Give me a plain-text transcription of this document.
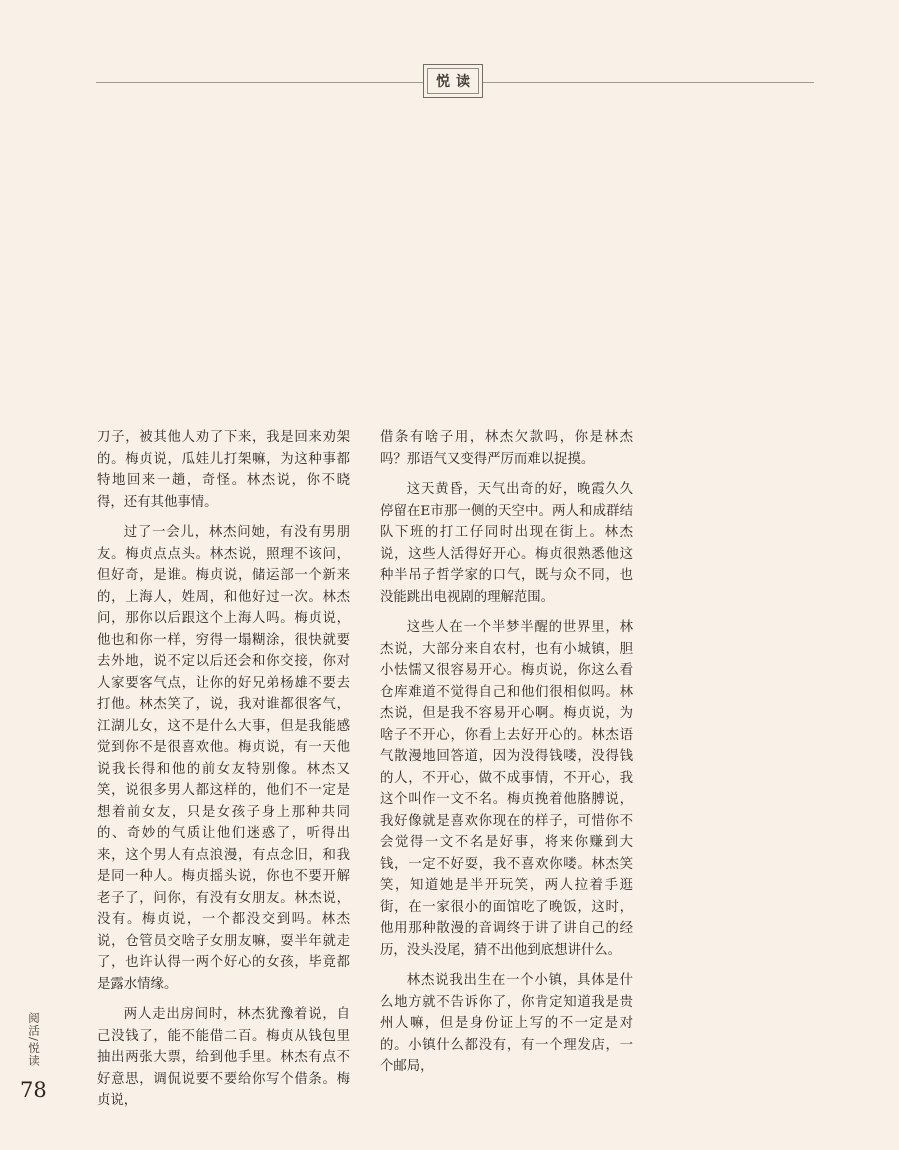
悦读

刀子，被其他人劝了下来，我是回来劝架的。梅贞说，瓜娃儿打架嘛，为这种事都特地回来一趟，奇怪。林杰说，你不晓得，还有其他事情。

过了一会儿，林杰问她，有没有男朋友。梅贞点点头。林杰说，照理不该问，但好奇，是谁。梅贞说，储运部一个新来的，上海人，姓周，和他好过一次。林杰问，那你以后跟这个上海人吗。梅贞说，他也和你一样，穷得一塌糊涂，很快就要去外地，说不定以后还会和你交接，你对人家要客气点，让你的好兄弟杨雄不要去打他。林杰笑了，说，我对谁都很客气，江湖儿女，这不是什么大事，但是我能感觉到你不是很喜欢他。梅贞说，有一天他说我长得和他的前女友特别像。林杰又笑，说很多男人都这样的，他们不一定是想着前女友，只是女孩子身上那种共同的、奇妙的气质让他们迷惑了，听得出来，这个男人有点浪漫，有点念旧，和我是同一种人。梅贞摇头说，你也不要开解老子了，问你，有没有女朋友。林杰说，没有。梅贞说，一个都没交到吗。林杰说，仓管员交啥子女朋友嘛，耍半年就走了，也许认得一两个好心的女孩，毕竟都是露水情缘。

两人走出房间时，林杰犹豫着说，自己没钱了，能不能借二百。梅贞从钱包里抽出两张大票，给到他手里。林杰有点不好意思，调侃说要不要给你写个借条。梅贞说，

借条有啥子用，林杰欠款吗，你是林杰吗？那语气又变得严厉而难以捉摸。

这天黄昏，天气出奇的好，晚霞久久停留在E市那一侧的天空中。两人和成群结队下班的打工仔同时出现在街上。林杰说，这些人活得好开心。梅贞很熟悉他这种半吊子哲学家的口气，既与众不同，也没能跳出电视剧的理解范围。

这些人在一个半梦半醒的世界里，林杰说，大部分来自农村，也有小城镇，胆小怯懦又很容易开心。梅贞说，你这么看仓库难道不觉得自己和他们很相似吗。林杰说，但是我不容易开心啊。梅贞说，为啥子不开心，你看上去好开心的。林杰语气散漫地回答道，因为没得钱喽，没得钱的人，不开心，做不成事情，不开心，我这个叫作一文不名。梅贞挽着他胳膊说，我好像就是喜欢你现在的样子，可惜你不会觉得一文不名是好事，将来你赚到大钱，一定不好耍，我不喜欢你喽。林杰笑笑，知道她是半开玩笑，两人拉着手逛街，在一家很小的面馆吃了晚饭，这时，他用那种散漫的音调终于讲了讲自己的经历，没头没尾，猜不出他到底想讲什么。

林杰说我出生在一个小镇，具体是什么地方就不告诉你了，你肯定知道我是贵州人嘛，但是身份证上写的不一定是对的。小镇什么都没有，有一个理发店，一个邮局，

阅活/悦读
78
